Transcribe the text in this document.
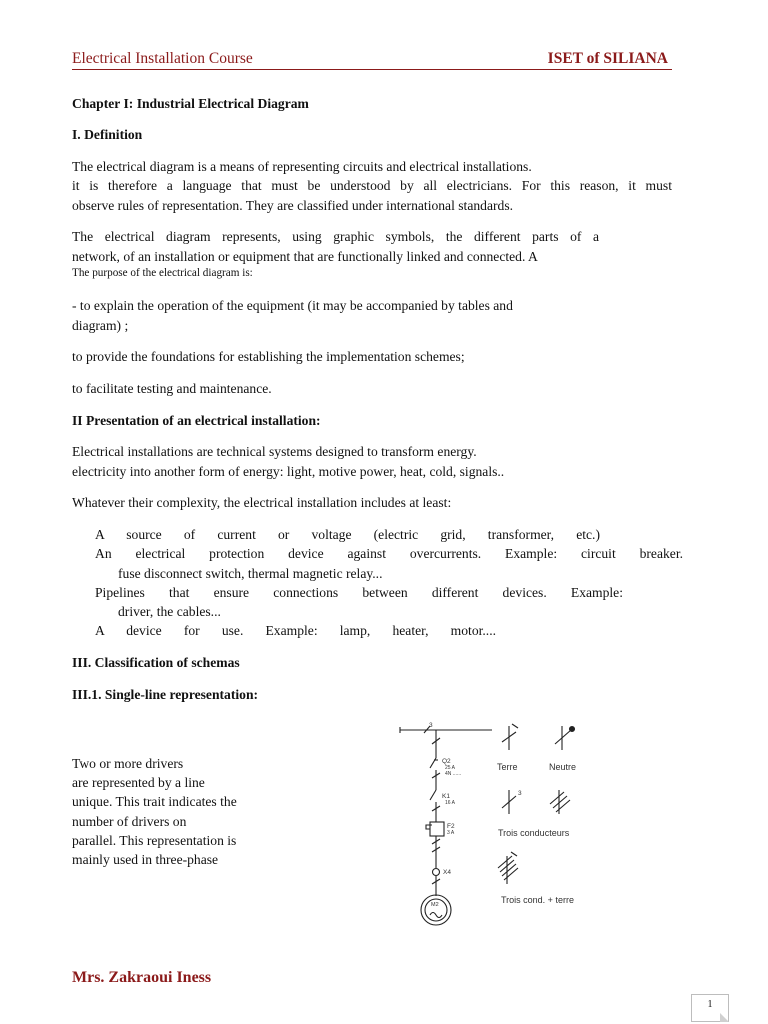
Electrical Installation Course	ISET of SILIANA
Chapter I: Industrial Electrical Diagram
I. Definition
The electrical diagram is a means of representing circuits and electrical installations.
it is therefore a language that must be understood by all electricians. For this reason, it must
observe rules of representation. They are classified under international standards.
The electrical diagram represents, using graphic symbols, the different parts of a
network, of an installation or equipment that are functionally linked and connected. A
The purpose of the electrical diagram is:
- to explain the operation of the equipment (it may be accompanied by tables and
diagram) ;
to provide the foundations for establishing the implementation schemes;
to facilitate testing and maintenance.
II Presentation of an electrical installation:
Electrical installations are technical systems designed to transform energy.
electricity into another form of energy: light, motive power, heat, cold, signals..
Whatever their complexity, the electrical installation includes at least:
A source of current or voltage (electric grid, transformer, etc.)
An electrical protection device against overcurrents. Example: circuit breaker.
fuse disconnect switch, thermal magnetic relay...
Pipelines that ensure connections between different devices. Example:
driver, the cables...
A device for use. Example: lamp, heater, motor....
III. Classification of schemas
III.1. Single-line representation:
Two or more drivers
are represented by a line
unique. This trait indicates the
number of drivers on
parallel. This representation is
mainly used in three-phase
3
Q2
25 A
4N ......
K1
16 A
F2
3 A
X4
M2
3
Terre	Neutre
Trois conducteurs
Trois cond. + terre
Mrs. Zakraoui Iness
1
